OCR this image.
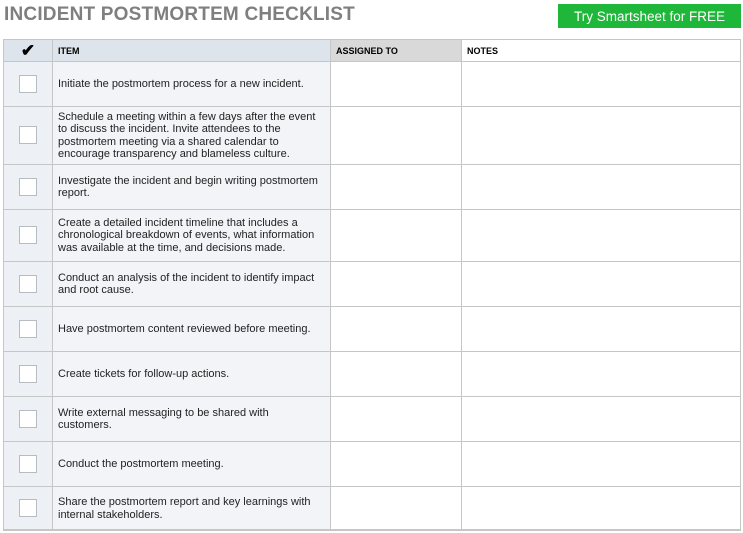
INCIDENT POSTMORTEM CHECKLIST	Try Smartsheet for FREE
✔	ITEM	ASSIGNED TO	NOTES
	Initiate the postmortem process for a new incident.		
	Schedule a meeting within a few days after the event to discuss the incident. Invite attendees to the postmortem meeting via a shared calendar to encourage transparency and blameless culture.		
	Investigate the incident and begin writing postmortem report.		
	Create a detailed incident timeline that includes a chronological breakdown of events, what information was available at the time, and decisions made.		
	Conduct an analysis of the incident to identify impact and root cause.		
	Have postmortem content reviewed before meeting.		
	Create tickets for follow-up actions.		
	Write external messaging to be shared with customers.		
	Conduct the postmortem meeting.		
	Share the postmortem report and key learnings with internal stakeholders.		
